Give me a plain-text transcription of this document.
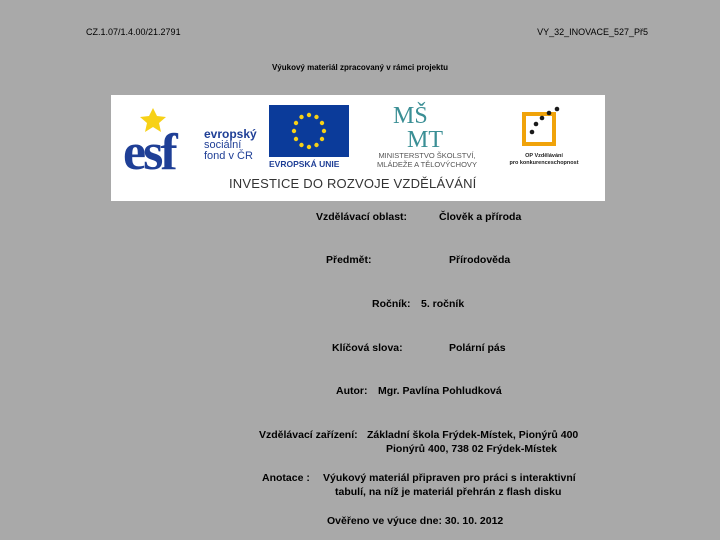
CZ.1.07/1.4.00/21.2791	VY_32_INOVACE_527_Př5
Výukový materiál zpracovaný v rámci projektu
esf evropský
sociální
fond v ČR
EVROPSKÁ UNIE
MŠ
MT
MINISTERSTVO ŠKOLSTVÍ,
MLÁDEŽE A TĚLOVÝCHOVY
OP Vzdělávání
pro konkurenceschopnost
INVESTICE DO ROZVOJE VZDĚLÁVÁNÍ
Vzdělávací oblast:	Člověk a příroda
Předmět:	Přírodověda
Ročník: 5. ročník
Klíčová slova:	Polární pás
Autor: Mgr. Pavlína Pohludková
Vzdělávací zařízení: Základní škola Frýdek-Místek, Pionýrů 400
Pionýrů 400, 738 02 Frýdek-Místek
Anotace : Výukový materiál připraven pro práci s interaktivní
tabulí, na níž je materiál přehrán z flash disku
Ověřeno ve výuce dne: 30. 10. 2012
